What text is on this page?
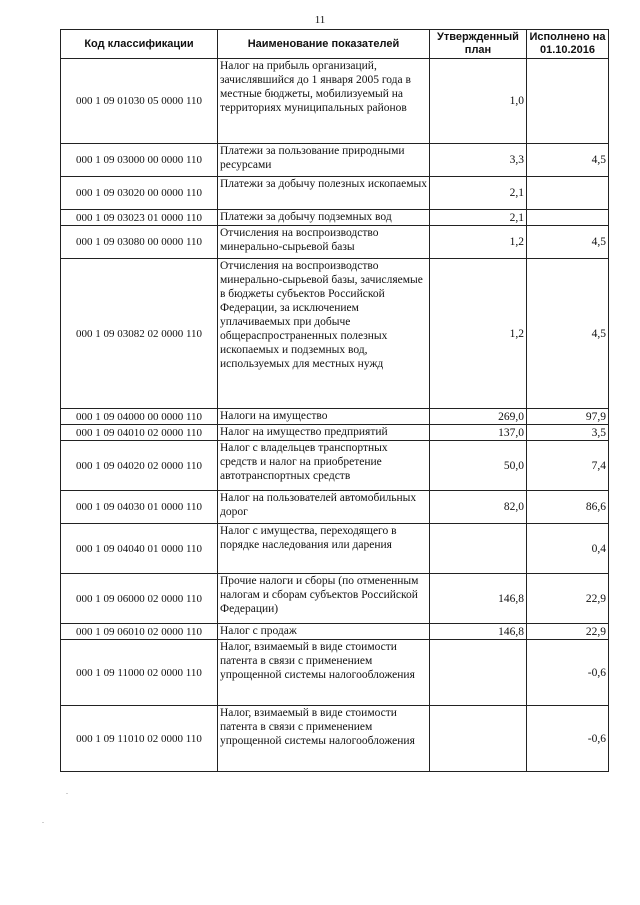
11
Код классификации	Наименование показателей	Утвержденный план	Исполнено на 01.10.2016
000 1 09 01030 05 0000 110	Налог на прибыль организаций, зачислявшийся до 1 января 2005 года в местные бюджеты, мобилизуемый на территориях муниципальных районов	1,0	
000 1 09 03000 00 0000 110	Платежи за пользование природными ресурсами	3,3	4,5
000 1 09 03020 00 0000 110	Платежи за добычу полезных ископаемых	2,1	
000 1 09 03023 01 0000 110	Платежи за добычу подземных вод	2,1	
000 1 09 03080 00 0000 110	Отчисления на воспроизводство минерально-сырьевой базы	1,2	4,5
000 1 09 03082 02 0000 110	Отчисления на воспроизводство минерально-сырьевой базы, зачисляемые в бюджеты субъектов Российской Федерации, за исключением уплачиваемых при добыче общераспространенных полезных ископаемых и подземных вод, используемых для местных нужд	1,2	4,5
000 1 09 04000 00 0000 110	Налоги на имущество	269,0	97,9
000 1 09 04010 02 0000 110	Налог на имущество предприятий	137,0	3,5
000 1 09 04020 02 0000 110	Налог с владельцев транспортных средств и налог на приобретение автотранспортных средств	50,0	7,4
000 1 09 04030 01 0000 110	Налог на пользователей автомобильных дорог	82,0	86,6
000 1 09 04040 01 0000 110	Налог с имущества, переходящего в порядке наследования или дарения		0,4
000 1 09 06000 02 0000 110	Прочие налоги и сборы (по отмененным налогам и сборам субъектов Российской Федерации)	146,8	22,9
000 1 09 06010 02 0000 110	Налог с продаж	146,8	22,9
000 1 09 11000 02 0000 110	Налог, взимаемый в виде стоимости патента в связи с применением упрощенной системы налогообложения		-0,6
000 1 09 11010 02 0000 110	Налог, взимаемый в виде стоимости патента в связи с применением упрощенной системы налогообложения		-0,6
